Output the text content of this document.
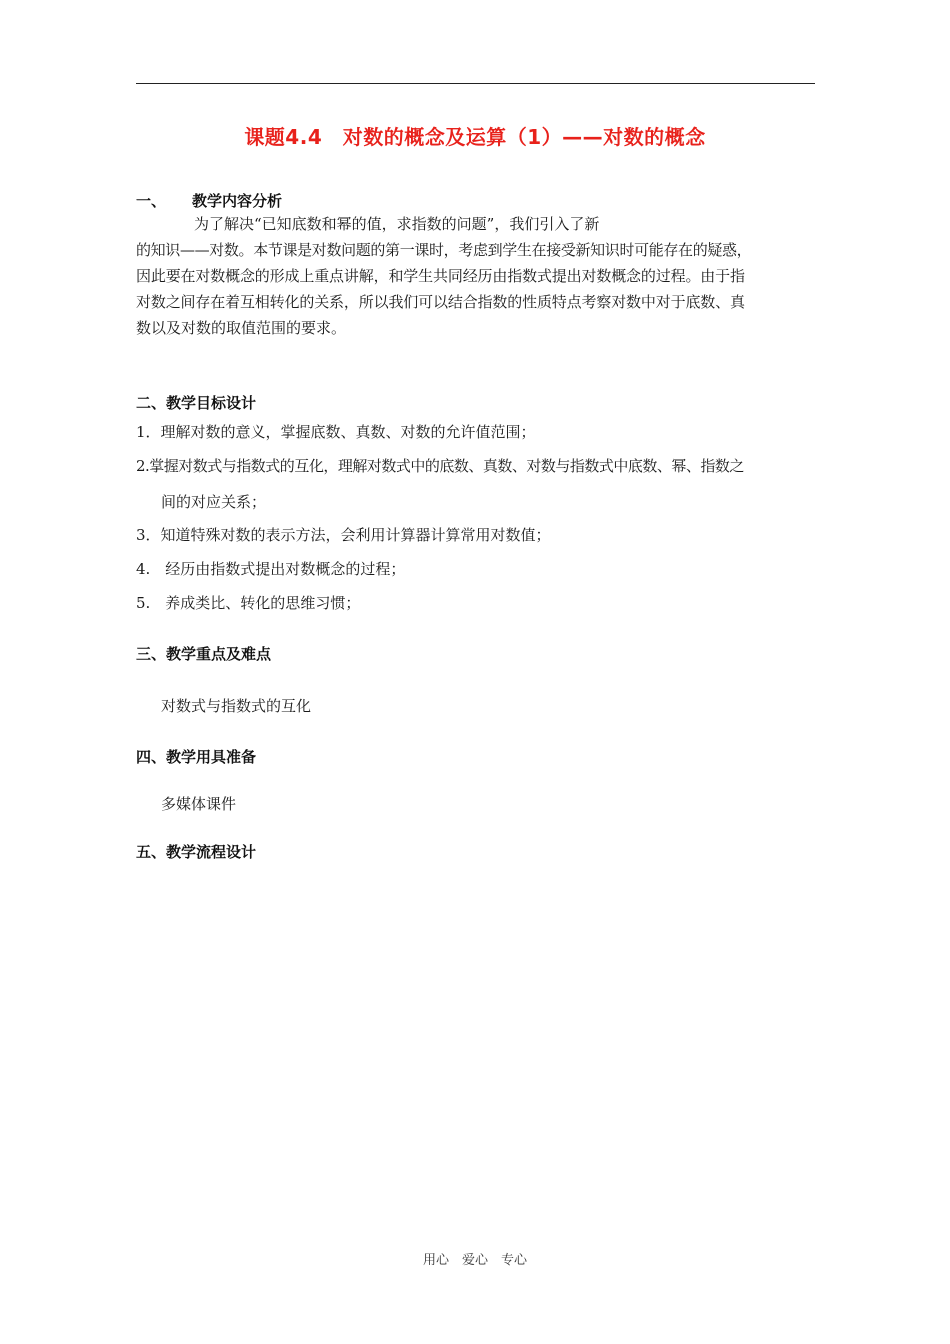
课题4.4　对数的概念及运算（1）——对数的概念
一、 教学内容分析
为了解决“已知底数和幂的值，求指数的问题”，我们引入了新
的知识——对数。本节课是对数问题的第一课时，考虑到学生在接受新知识时可能存在的疑惑，
因此要在对数概念的形成上重点讲解，和学生共同经历由指数式提出对数概念的过程。由于指
对数之间存在着互相转化的关系，所以我们可以结合指数的性质特点考察对数中对于底数、真
数以及对数的取值范围的要求。
二、教学目标设计
1．理解对数的意义，掌握底数、真数、对数的允许值范围；
2.掌握对数式与指数式的互化，理解对数式中的底数、真数、对数与指数式中底数、幂、指数之
间的对应关系；
3．知道特殊对数的表示方法，会利用计算器计算常用对数值；
4.　经历由指数式提出对数概念的过程；
5.　养成类比、转化的思维习惯；
三、教学重点及难点
对数式与指数式的互化
四、教学用具准备
多媒体课件
五、教学流程设计
用心　爱心　专心
